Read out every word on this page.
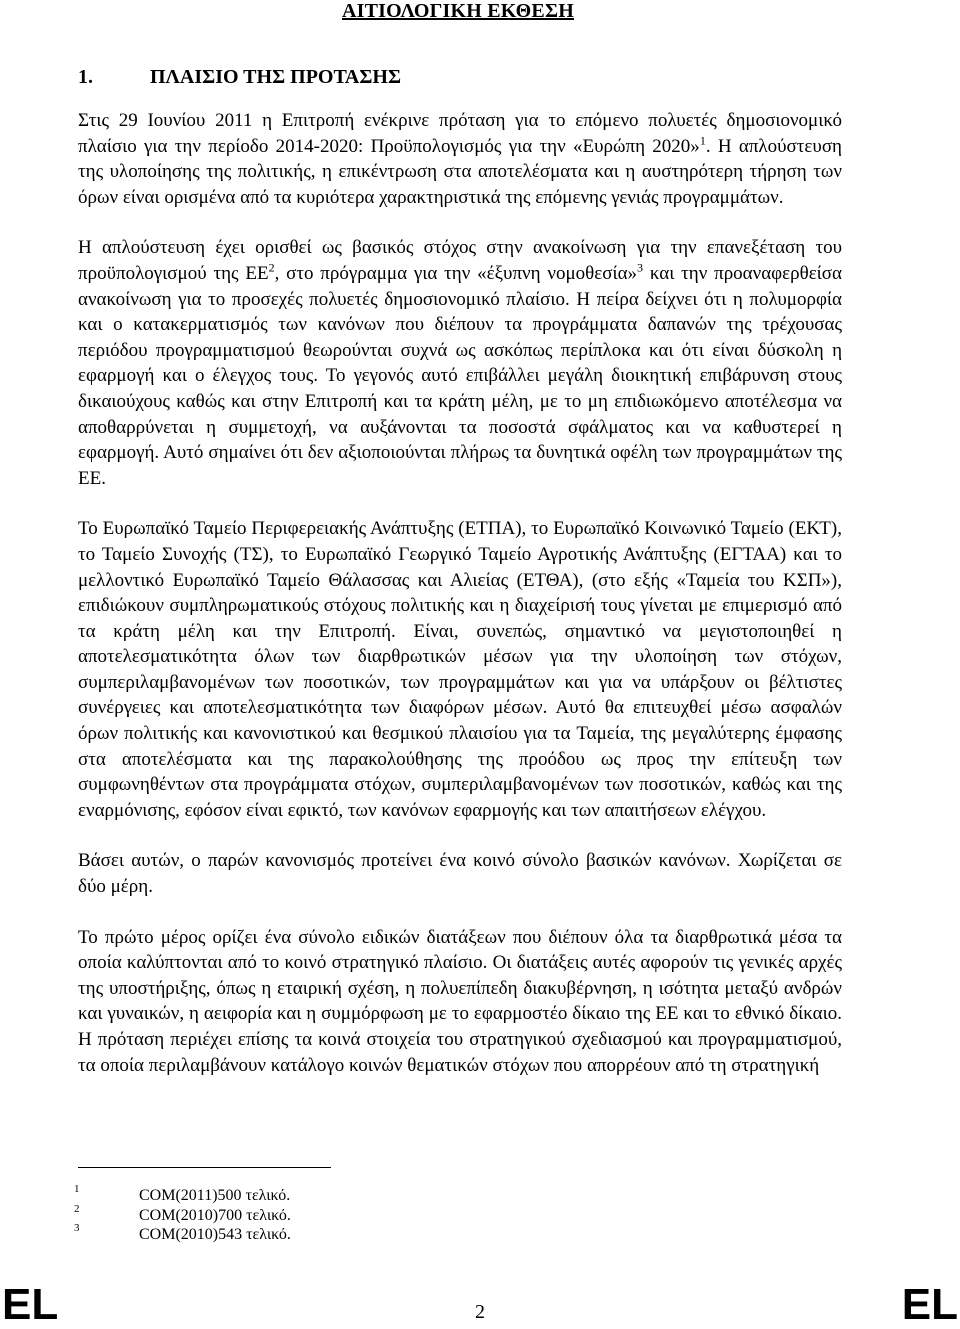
ΑΙΤΙΟΛΟΓΙΚΗ ΕΚΘΕΣΗ
1.	ΠΛΑΙΣΙΟ ΤΗΣ ΠΡΟΤΑΣΗΣ

Στις 29 Ιουνίου 2011 η Επιτροπή ενέκρινε πρόταση για το επόμενο πολυετές δημοσιονομικό πλαίσιο για την περίοδο 2014-2020: Προϋπολογισμός για την «Ευρώπη 2020»$^1$. Η απλούστευση της υλοποίησης της πολιτικής, η επικέντρωση στα αποτελέσματα και η αυστηρότερη τήρηση των όρων είναι ορισμένα από τα κυριότερα χαρακτηριστικά της επόμενης γενιάς προγραμμάτων.

Η απλούστευση έχει ορισθεί ως βασικός στόχος στην ανακοίνωση για την επανεξέταση του προϋπολογισμού της $EE^2$, στο πρόγραμμα για την «έξυπνη νομοθεσία»$^3$ και την προαναφερθείσα ανακοίνωση για το προσεχές πολυετές δημοσιονομικό πλαίσιο. Η πείρα δείχνει ότι η πολυμορφία και ο κατακερματισμός των κανόνων που διέπουν τα προγράμματα δαπανών της τρέχουσας περιόδου προγραμματισμού θεωρούνται συχνά ως ασκόπως περίπλοκα και ότι είναι δύσκολη η εφαρμογή και ο έλεγχος τους. Το γεγονός αυτό επιβάλλει μεγάλη διοικητική επιβάρυνση στους δικαιούχους καθώς και στην Επιτροπή και τα κράτη μέλη, με το μη επιδιωκόμενο αποτέλεσμα να αποθαρρύνεται η συμμετοχή, να αυξάνονται τα ποσοστά σφάλματος και να καθυστερεί η εφαρμογή. Αυτό σημαίνει ότι δεν αξιοποιούνται πλήρως τα δυνητικά οφέλη των προγραμμάτων της ΕΕ.

Το Ευρωπαϊκό Ταμείο Περιφερειακής Ανάπτυξης (ΕΤΠΑ), το Ευρωπαϊκό Κοινωνικό Ταμείο (ΕΚΤ), το Ταμείο Συνοχής (ΤΣ), το Ευρωπαϊκό Γεωργικό Ταμείο Αγροτικής Ανάπτυξης (ΕΓΤΑΑ) και το μελλοντικό Ευρωπαϊκό Ταμείο Θάλασσας και Αλιείας (ΕΤΘΑ), (στο εξής «Ταμεία του ΚΣΠ»), επιδιώκουν συμπληρωματικούς στόχους πολιτικής και η διαχείρισή τους γίνεται με επιμερισμό από τα κράτη μέλη και την Επιτροπή. Είναι, συνεπώς, σημαντικό να μεγιστοποιηθεί η αποτελεσματικότητα όλων των διαρθρωτικών μέσων για την υλοποίηση των στόχων, συμπεριλαμβανομένων των ποσοτικών, των προγραμμάτων και για να υπάρξουν οι βέλτιστες συνέργειες και αποτελεσματικότητα των διαφόρων μέσων. Αυτό θα επιτευχθεί μέσω ασφαλών όρων πολιτικής και κανονιστικού και θεσμικού πλαισίου για τα Ταμεία, της μεγαλύτερης έμφασης στα αποτελέσματα και της παρακολούθησης της προόδου ως προς την επίτευξη των συμφωνηθέντων στα προγράμματα στόχων, συμπεριλαμβανομένων των ποσοτικών, καθώς και της εναρμόνισης, εφόσον είναι εφικτό, των κανόνων εφαρμογής και των απαιτήσεων ελέγχου.

Βάσει αυτών, ο παρών κανονισμός προτείνει ένα κοινό σύνολο βασικών κανόνων. Χωρίζεται σε δύο μέρη.

Το πρώτο μέρος ορίζει ένα σύνολο ειδικών διατάξεων που διέπουν όλα τα διαρθρωτικά μέσα τα οποία καλύπτονται από το κοινό στρατηγικό πλαίσιο. Οι διατάξεις αυτές αφορούν τις γενικές αρχές της υποστήριξης, όπως η εταιρική σχέση, η πολυεπίπεδη διακυβέρνηση, η ισότητα μεταξύ ανδρών και γυναικών, η αειφορία και η συμμόρφωση με το εφαρμοστέο δίκαιο της ΕΕ και το εθνικό δίκαιο. Η πρόταση περιέχει επίσης τα κοινά στοιχεία του στρατηγικού σχεδιασμού και προγραμματισμού, τα οποία περιλαμβάνουν κατάλογο κοινών θεματικών στόχων που απορρέουν από τη στρατηγική

1	COM(2011)500 τελικό.
2	COM(2010)700 τελικό.
3	COM(2010)543 τελικό.
EL	2	EL
